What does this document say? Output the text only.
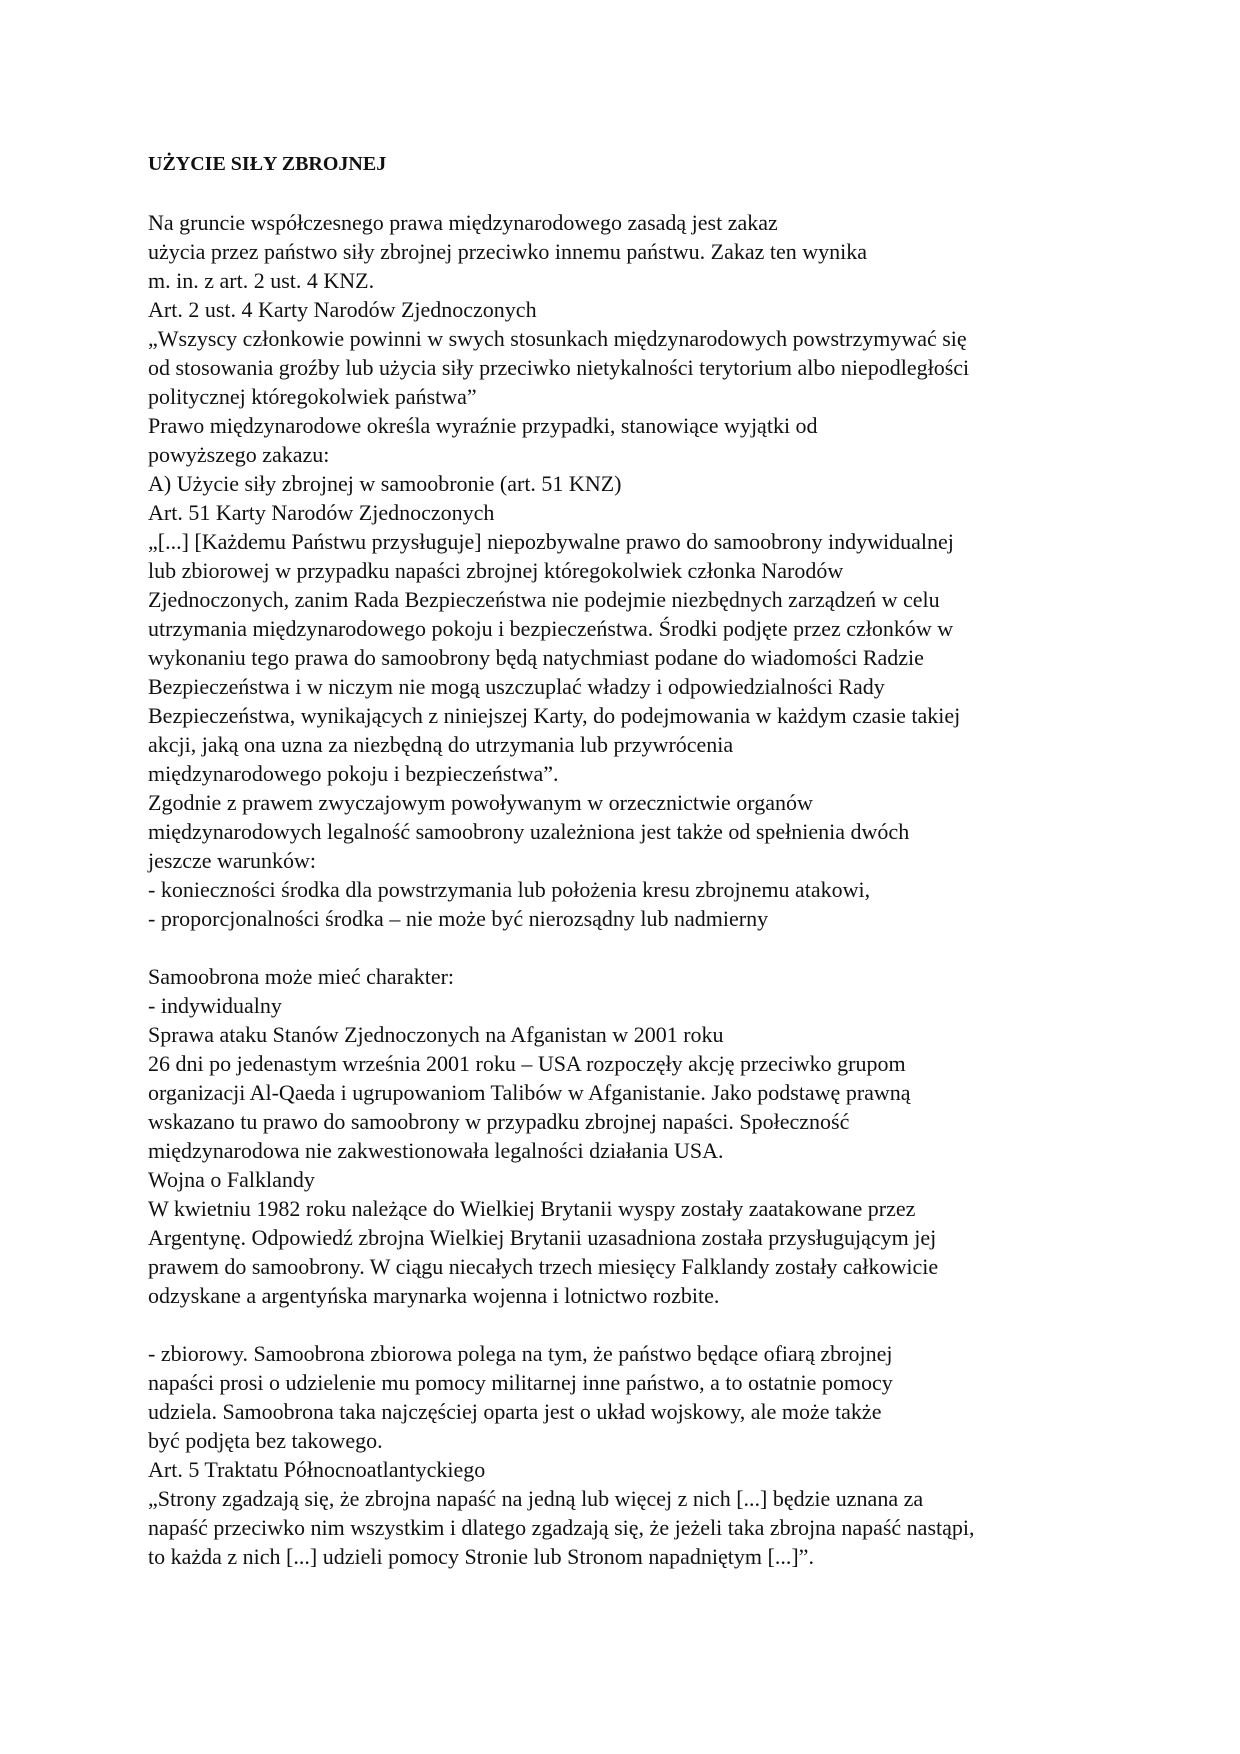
UŻYCIE SIŁY ZBROJNEJ
Na gruncie współczesnego prawa międzynarodowego zasadą jest zakaz
użycia przez państwo siły zbrojnej przeciwko innemu państwu. Zakaz ten wynika
m. in. z art. 2 ust. 4 KNZ.
Art. 2 ust. 4 Karty Narodów Zjednoczonych
„Wszyscy członkowie powinni w swych stosunkach międzynarodowych powstrzymywać się
od stosowania groźby lub użycia siły przeciwko nietykalności terytorium albo niepodległości
politycznej któregokolwiek państwa”
Prawo międzynarodowe określa wyraźnie przypadki, stanowiące wyjątki od
powyższego zakazu:
A) Użycie siły zbrojnej w samoobronie (art. 51 KNZ)
Art. 51 Karty Narodów Zjednoczonych
„[...] [Każdemu Państwu przysługuje] niepozbywalne prawo do samoobrony indywidualnej
lub zbiorowej w przypadku napaści zbrojnej któregokolwiek członka Narodów
Zjednoczonych, zanim Rada Bezpieczeństwa nie podejmie niezbędnych zarządzeń w celu
utrzymania międzynarodowego pokoju i bezpieczeństwa. Środki podjęte przez członków w
wykonaniu tego prawa do samoobrony będą natychmiast podane do wiadomości Radzie
Bezpieczeństwa i w niczym nie mogą uszczuplać władzy i odpowiedzialności Rady
Bezpieczeństwa, wynikających z niniejszej Karty, do podejmowania w każdym czasie takiej
akcji, jaką ona uzna za niezbędną do utrzymania lub przywrócenia
międzynarodowego pokoju i bezpieczeństwa”.
Zgodnie z prawem zwyczajowym powoływanym w orzecznictwie organów
międzynarodowych legalność samoobrony uzależniona jest także od spełnienia dwóch
jeszcze warunków:
- konieczności środka dla powstrzymania lub położenia kresu zbrojnemu atakowi,
- proporcjonalności środka – nie może być nierozsądny lub nadmierny
Samoobrona może mieć charakter:
- indywidualny
Sprawa ataku Stanów Zjednoczonych na Afganistan w 2001 roku
26 dni po jedenastym września 2001 roku – USA rozpoczęły akcję przeciwko grupom
organizacji Al-Qaeda i ugrupowaniom Talibów w Afganistanie. Jako podstawę prawną
wskazano tu prawo do samoobrony w przypadku zbrojnej napaści. Społeczność
międzynarodowa nie zakwestionowała legalności działania USA.
Wojna o Falklandy
W kwietniu 1982 roku należące do Wielkiej Brytanii wyspy zostały zaatakowane przez
Argentynę. Odpowiedź zbrojna Wielkiej Brytanii uzasadniona została przysługującym jej
prawem do samoobrony. W ciągu niecałych trzech miesięcy Falklandy zostały całkowicie
odzyskane a argentyńska marynarka wojenna i lotnictwo rozbite.
- zbiorowy. Samoobrona zbiorowa polega na tym, że państwo będące ofiarą zbrojnej
napaści prosi o udzielenie mu pomocy militarnej inne państwo, a to ostatnie pomocy
udziela. Samoobrona taka najczęściej oparta jest o układ wojskowy, ale może także
być podjęta bez takowego.
Art. 5 Traktatu Północnoatlantyckiego
„Strony zgadzają się, że zbrojna napaść na jedną lub więcej z nich [...] będzie uznana za
napaść przeciwko nim wszystkim i dlatego zgadzają się, że jeżeli taka zbrojna napaść nastąpi,
to każda z nich [...] udzieli pomocy Stronie lub Stronom napadniętym [...]”.
